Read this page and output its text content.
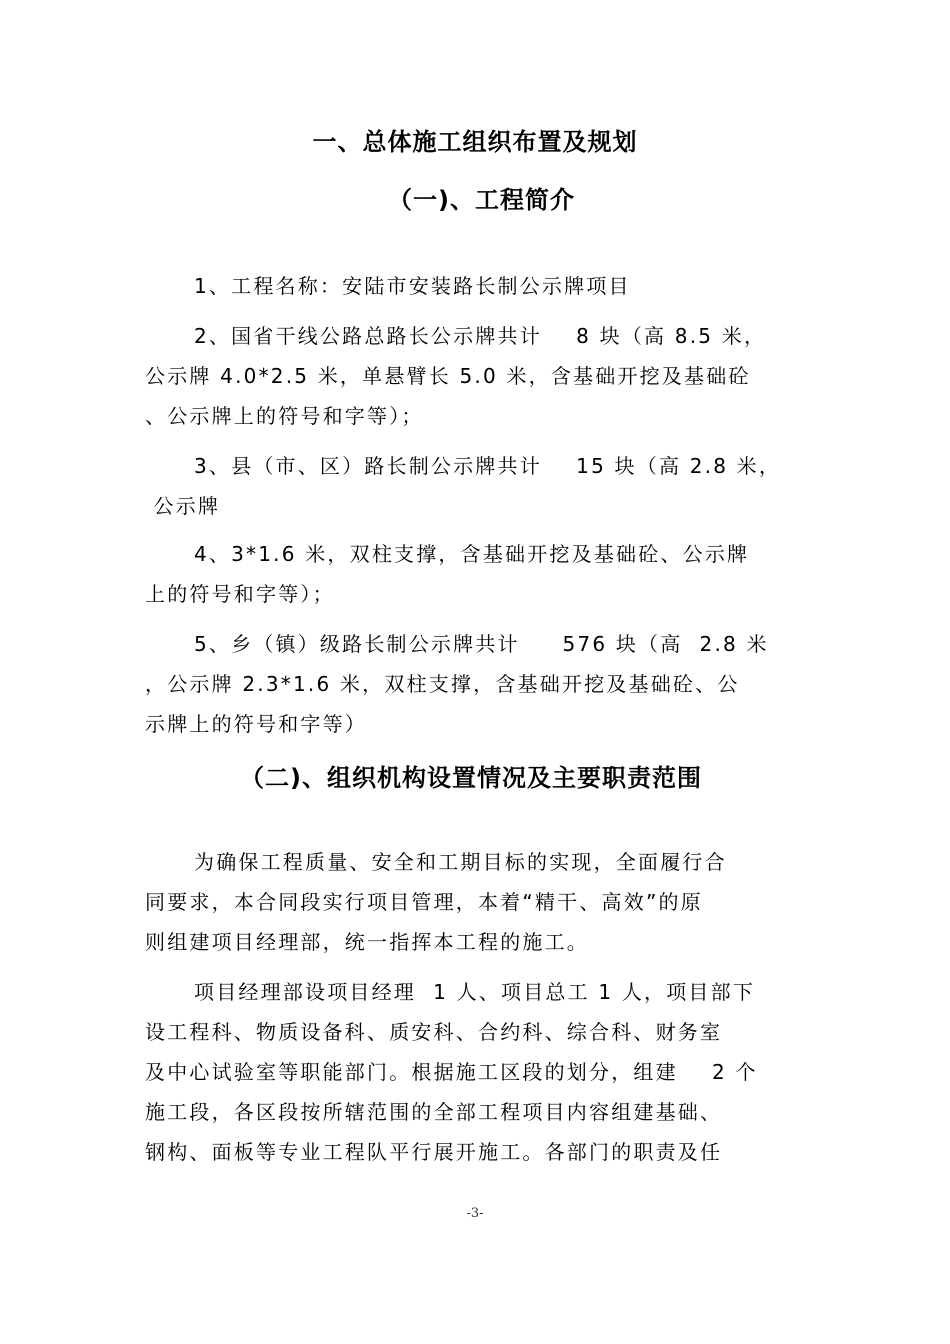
一、总体施工组织布置及规划
（一)、工程简介
1、工程名称：安陆市安装路长制公示牌项目
2、国省干线公路总路长公示牌共计    8 块（高 8.5 米，
公示牌 4.0*2.5 米，单悬臂长 5.0 米，含基础开挖及基础砼
、公示牌上的符号和字等）；
3、县（市、区）路长制公示牌共计    15 块（高 2.8 米，
公示牌
4、3*1.6 米，双柱支撑，含基础开挖及基础砼、公示牌
上的符号和字等）；
5、乡（镇）级路长制公示牌共计     576 块（高  2.8 米
，公示牌 2.3*1.6 米，双柱支撑，含基础开挖及基础砼、公
示牌上的符号和字等）
（二)、组织机构设置情况及主要职责范围
为确保工程质量、安全和工期目标的实现，全面履行合
同要求，本合同段实行项目管理，本着“精干、高效”的原
则组建项目经理部，统一指挥本工程的施工。
项目经理部设项目经理  1 人、项目总工 1 人，项目部下
设工程科、物质设备科、质安科、合约科、综合科、财务室
及中心试验室等职能部门。根据施工区段的划分，组建    2 个
施工段，各区段按所辖范围的全部工程项目内容组建基础、
钢构、面板等专业工程队平行展开施工。各部门的职责及任
-3-
